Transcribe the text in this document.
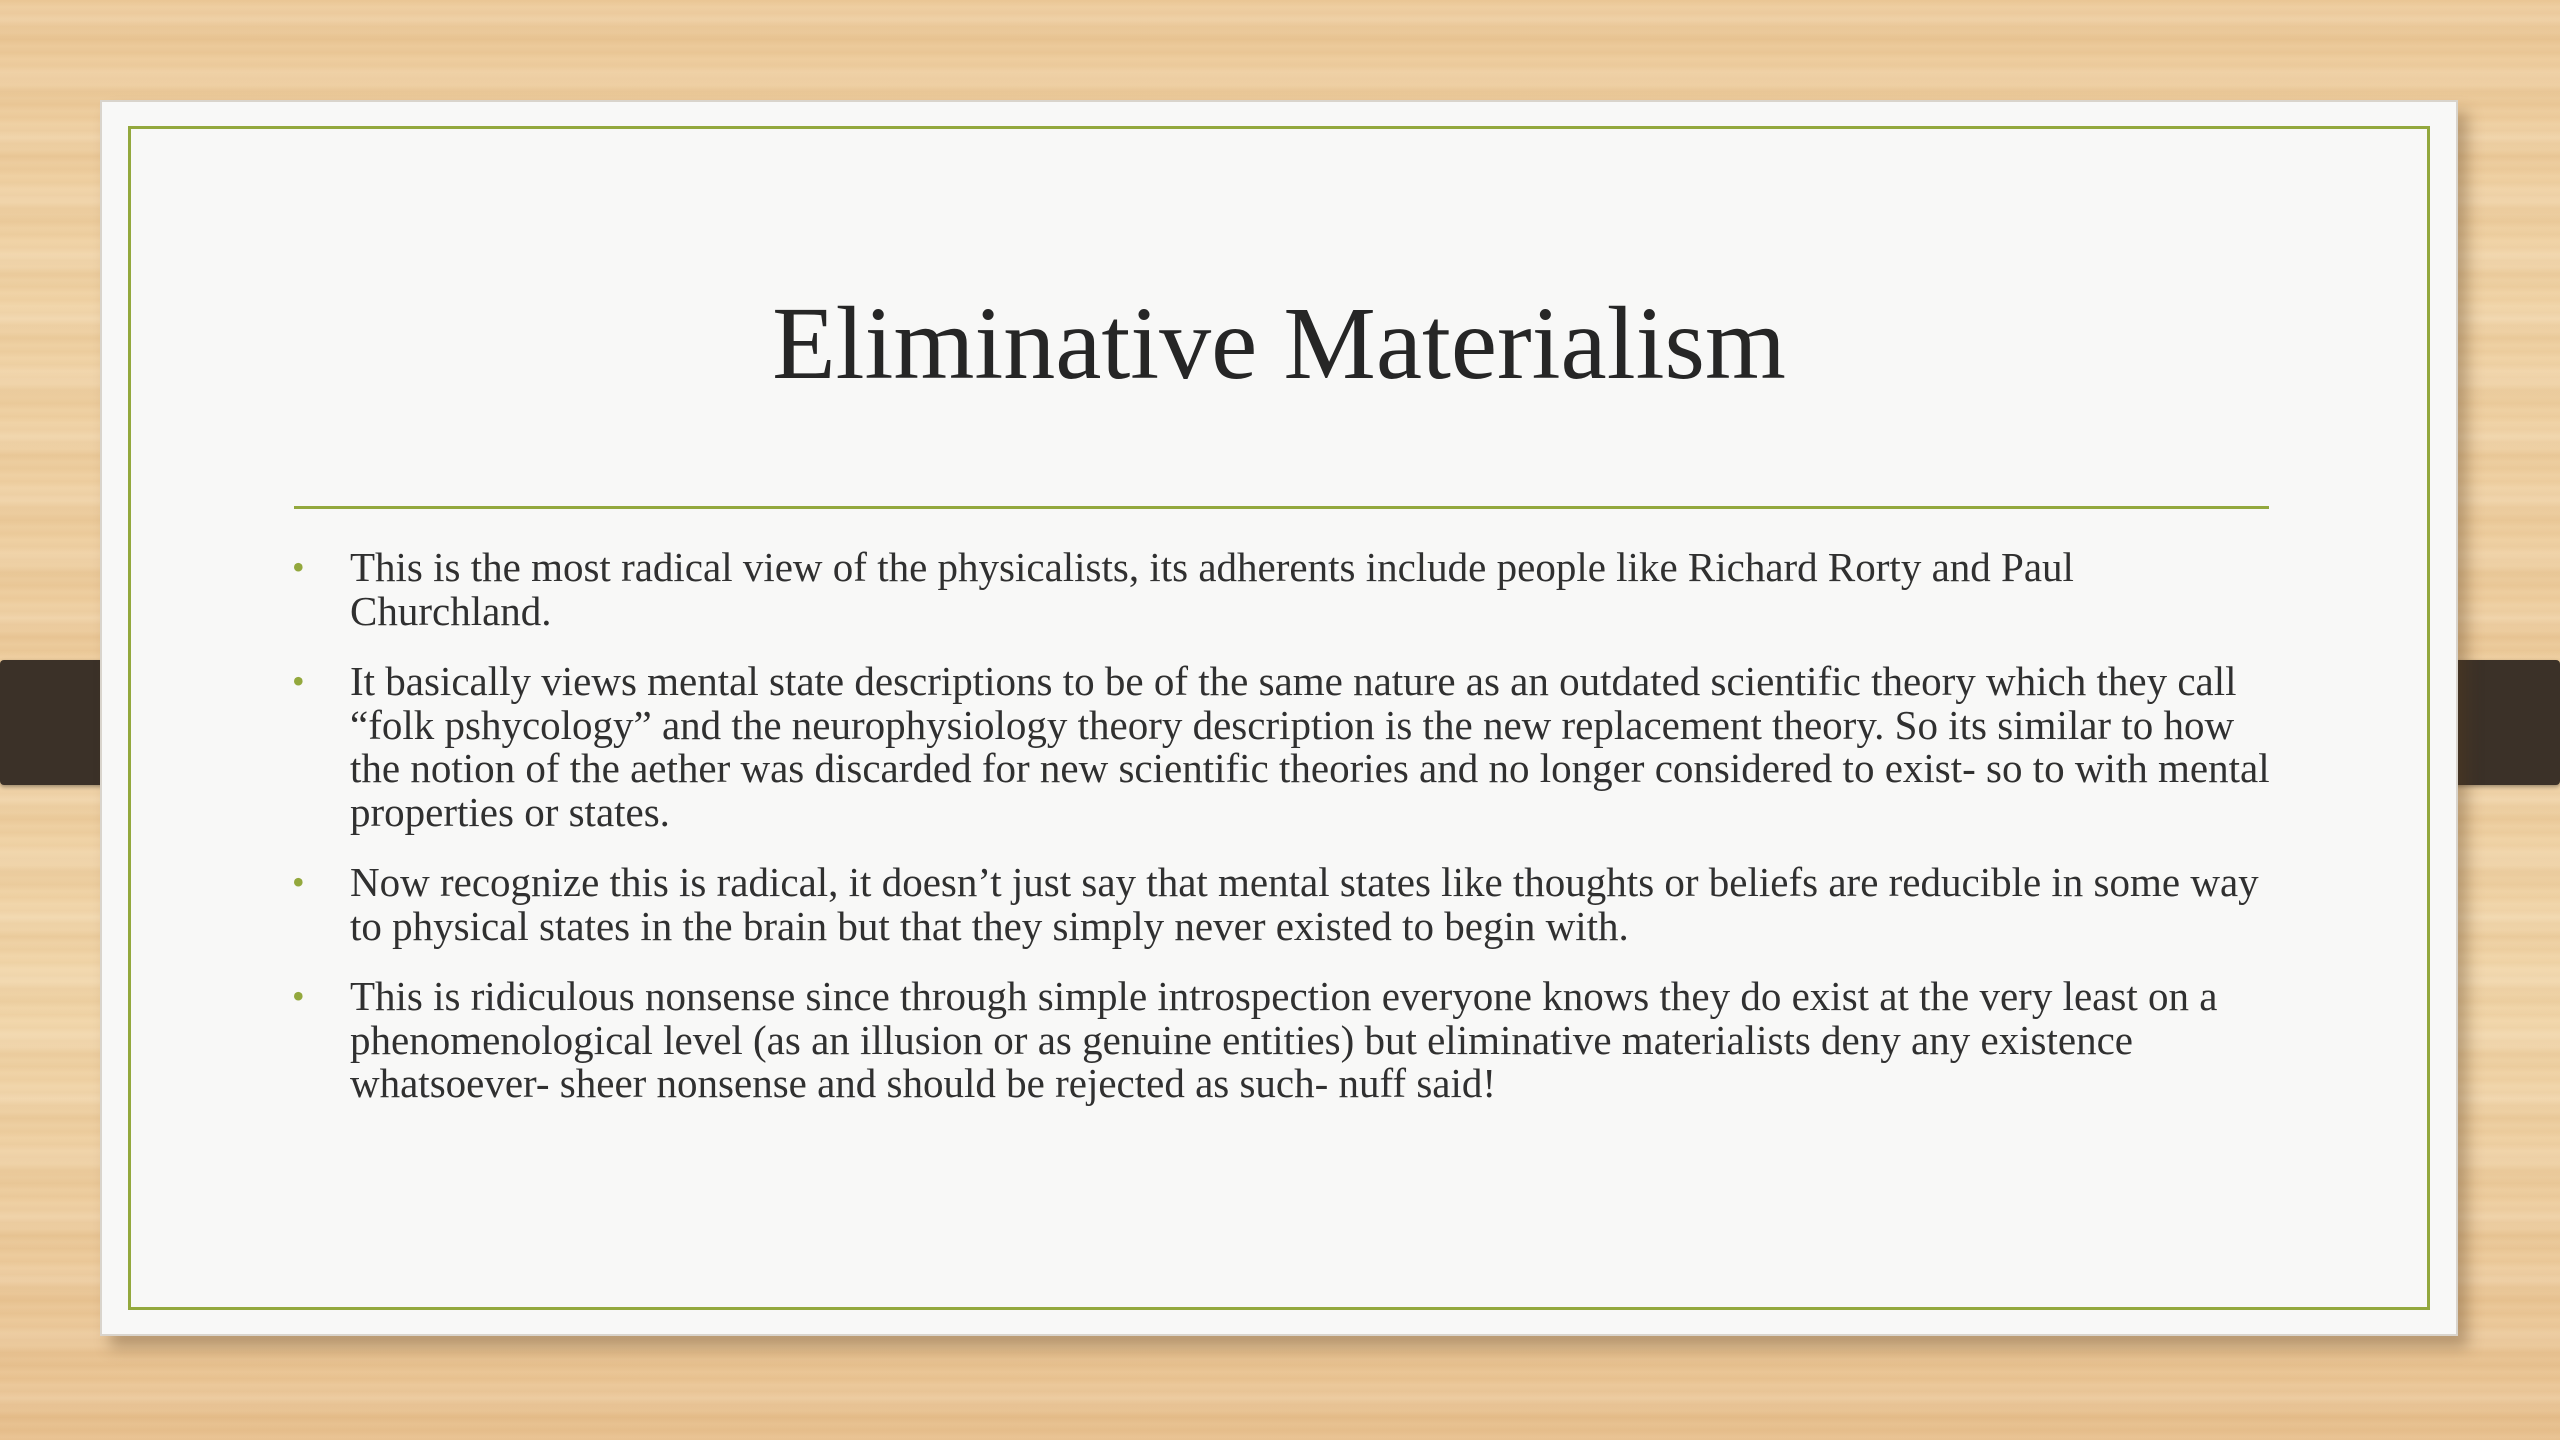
Eliminative Materialism
• This is the most radical view of the physicalists, its adherents include people like Richard Rorty and Paul Churchland.
• It basically views mental state descriptions to be of the same nature as an outdated scientific theory which they call “folk pshycology” and the neurophysiology theory description is the new replacement theory. So its similar to how the notion of the aether was discarded for new scientific theories and no longer considered to exist- so to with mental properties or states.
• Now recognize this is radical, it doesn’t just say that mental states like thoughts or beliefs are reducible in some way to physical states in the brain but that they simply never existed to begin with.
• This is ridiculous nonsense since through simple introspection everyone knows they do exist at the very least on a phenomenological level (as an illusion or as genuine entities) but eliminative materialists deny any existence whatsoever- sheer nonsense and should be rejected as such- nuff said!
